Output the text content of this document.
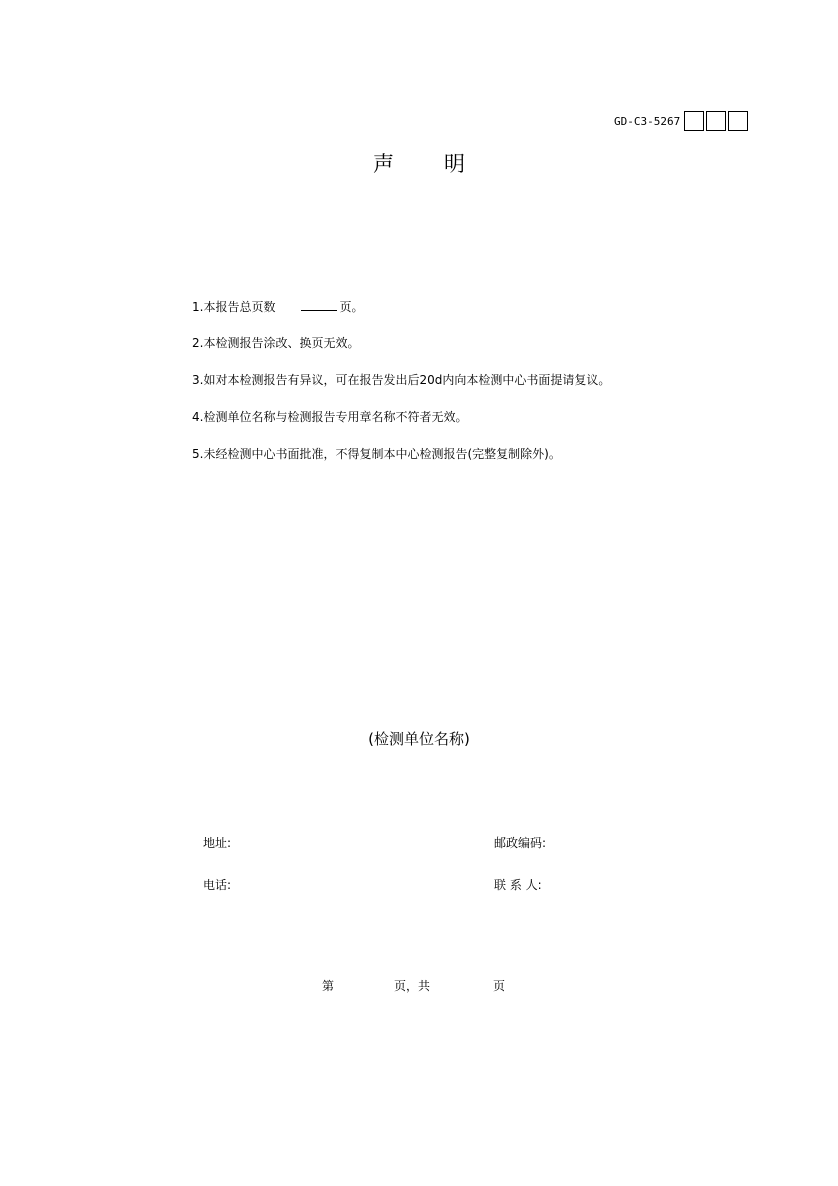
GD-C3-5267
声明
1.本报告总页数	页。
2.本检测报告涂改、换页无效。
3.如对本检测报告有异议，可在报告发出后20d内向本检测中心书面提请复议。
4.检测单位名称与检测报告专用章名称不符者无效。
5.未经检测中心书面批准，不得复制本中心检测报告(完整复制除外)。
(检测单位名称)
地址:	邮政编码:
电话:	联 系 人:
第	页，共	页
